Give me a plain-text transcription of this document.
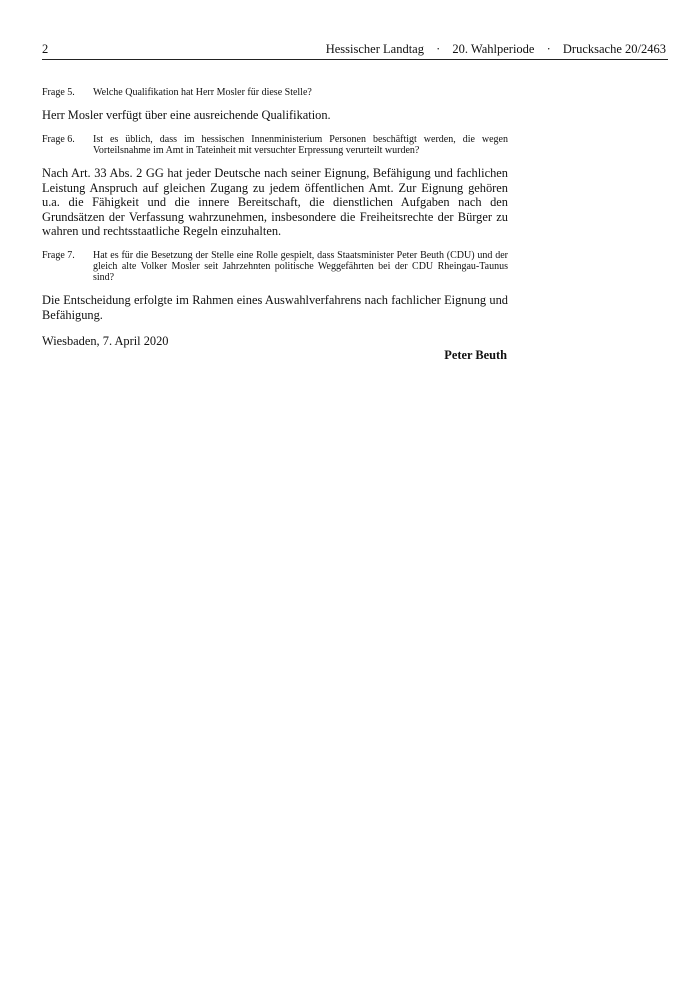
2	Hessischer Landtag · 20. Wahlperiode · Drucksache 20/2463
Frage 5.	Welche Qualifikation hat Herr Mosler für diese Stelle?

Herr Mosler verfügt über eine ausreichende Qualifikation.

Frage 6.	Ist es üblich, dass im hessischen Innenministerium Personen beschäftigt werden, die wegen Vorteilsnahme im Amt in Tateinheit mit versuchter Erpressung verurteilt wurden?

Nach Art. 33 Abs. 2 GG hat jeder Deutsche nach seiner Eignung, Befähigung und fachlichen Leistung Anspruch auf gleichen Zugang zu jedem öffentlichen Amt. Zur Eignung gehören u.a. die Fähigkeit und die innere Bereitschaft, die dienstlichen Aufgaben nach den Grundsätzen der Verfassung wahrzunehmen, insbesondere die Freiheitsrechte der Bürger zu wahren und rechtsstaatliche Regeln einzuhalten.

Frage 7.	Hat es für die Besetzung der Stelle eine Rolle gespielt, dass Staatsminister Peter Beuth (CDU) und der gleich alte Volker Mosler seit Jahrzehnten politische Weggefährten bei der CDU Rheingau-Taunus sind?

Die Entscheidung erfolgte im Rahmen eines Auswahlverfahrens nach fachlicher Eignung und Befähigung.

Wiesbaden, 7. April 2020
Peter Beuth
